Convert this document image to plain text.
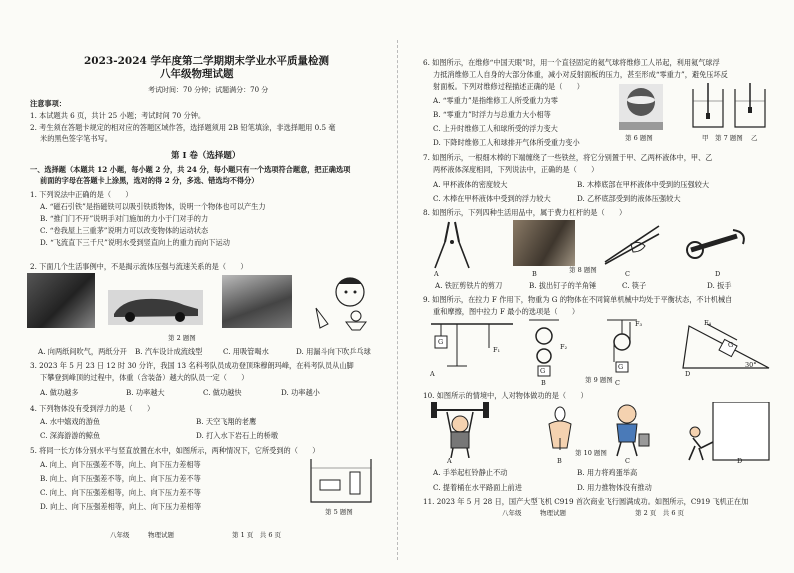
2023-2024 学年度第二学期期末学业水平质量检测
八年级物理试题
考试时间：70 分钟；试题满分：70 分
注意事项：
1. 本试题共 6 页，共计 25 小题；考试时间 70 分钟。
2. 考生须在答题卡规定的相对应的答题区域作答，选择题须用 2B 铅笔填涂，非选择题用 0.5 毫
米的黑色签字笔书写。
第 I 卷（选择题）
一、选择题（本题共 12 小题，每小题 2 分，共 24 分，每小题只有一个选项符合题意，把正确选项
前面的字母在答题卡上涂黑，选对的得 2 分，多选、错选均不得分）
1. 下列说法中正确的是（　　）
A. “磁石引铁”是指磁铁可以吸引铁质物体，说明一个物体也可以产生力
B. “推门门不开”说明手对门施加的力小于门对手的力
C. “卷我屋上三重茅”说明力可以改变物体的运动状态
D. “飞流直下三千尺”说明水受到竖直向上的重力而向下运动
2. 下面几个生活事例中，不是揭示流体压强与流速关系的是（　　）
第 2 题图
A. 向两纸间吹气，两纸分开 B. 汽车设计成流线型	C. 用吸管喝水	D. 用漏斗向下吹乒乓球
3. 2023 年 5 月 23 日 12 时 30 分许，我国 13 名科考队员成功登顶珠穆朗玛峰，在科考队员从山脚
下攀登到峰顶的过程中，体重（含装备）越大的队员一定（　　）
A. 做功越多	B. 功率越大	C. 做功越快	D. 功率越小
4. 下列物体没有受到浮力的是（　　）
A. 水中嬉戏的游鱼	B. 天空飞翔的老鹰
C. 深海游游的鲸鱼	D. 打入水下岩石上的桥墩
5. 将同一长方体分别水平与竖直放置在水中，如图所示，两种情况下，它所受到的（　　）
A. 向上、向下压强差不等，向上、向下压力差相等
B. 向上、向下压强差不等，向上、向下压力差不等
C. 向上、向下压强差相等，向上、向下压力差不等
D. 向上、向下压强差相等，向上、向下压力差相等
第 5 题图
八年级	物理试题	第 1 页　共 6 页
6. 如图所示，在维修“中国天眼”时，用一个直径固定的氦气球将维修工人吊起，利用氦气球浮
力抵消维修工人自身的大部分体重，减小对反射面板的压力，甚至形成“零重力”，避免压坏反
射面板。下列对维修过程描述正确的是（　　）
A. “零重力”是指维修工人所受重力为零
B. “零重力”时浮力与总重力大小相等
C. 上升时维修工人和球所受的浮力变大
D. 下降时维修工人和球排开气体所受重力变小	第 6 题图	甲 第 7 题图 乙
7. 如图所示，一根细木棒的下端缠绕了一些铁丝，将它分别置于甲、乙两杯液体中，甲、乙
两杯液体深度相同，下列说法中，正确的是（　　）
A. 甲杯液体的密度较大	B. 木棒底部在甲杯液体中受到的压强较大
C. 木棒在甲杯液体中受到的浮力较大	D. 乙杯底部受到的液体压强较大
8. 如图所示，下列四种生活用品中，属于费力杠杆的是（　　）
A	B	第 8 题图	C	D
A. 铁匠剪铁片的剪刀	B. 拔出钉子的羊角锤	C. 筷子	D. 扳手
9. 如图所示，在拉力 F 作用下，物重为 G 的物体在不同简单机械中均处于平衡状态，不计机械自
重和摩擦，图中拉力 F 最小的选项是（　　）
G
F₁
G
F₂
G
F₃
G
F₄
30°
A
B	第 9 题图 C
D
10. 如图所示的情境中，人对物体做功的是（　　）
A	B
第 10 题图
C	D
A. 手举起杠铃静止不动	B. 用力将鸡蛋举高
C. 提着桶在水平路面上前进	D. 用力推物体没有推动
11. 2023 年 5 月 28 日，国产大型飞机 C919 首次商业飞行圆满成功。如图所示，C919 飞机正在加
八年级	物理试题	第 2 页　共 6 页
